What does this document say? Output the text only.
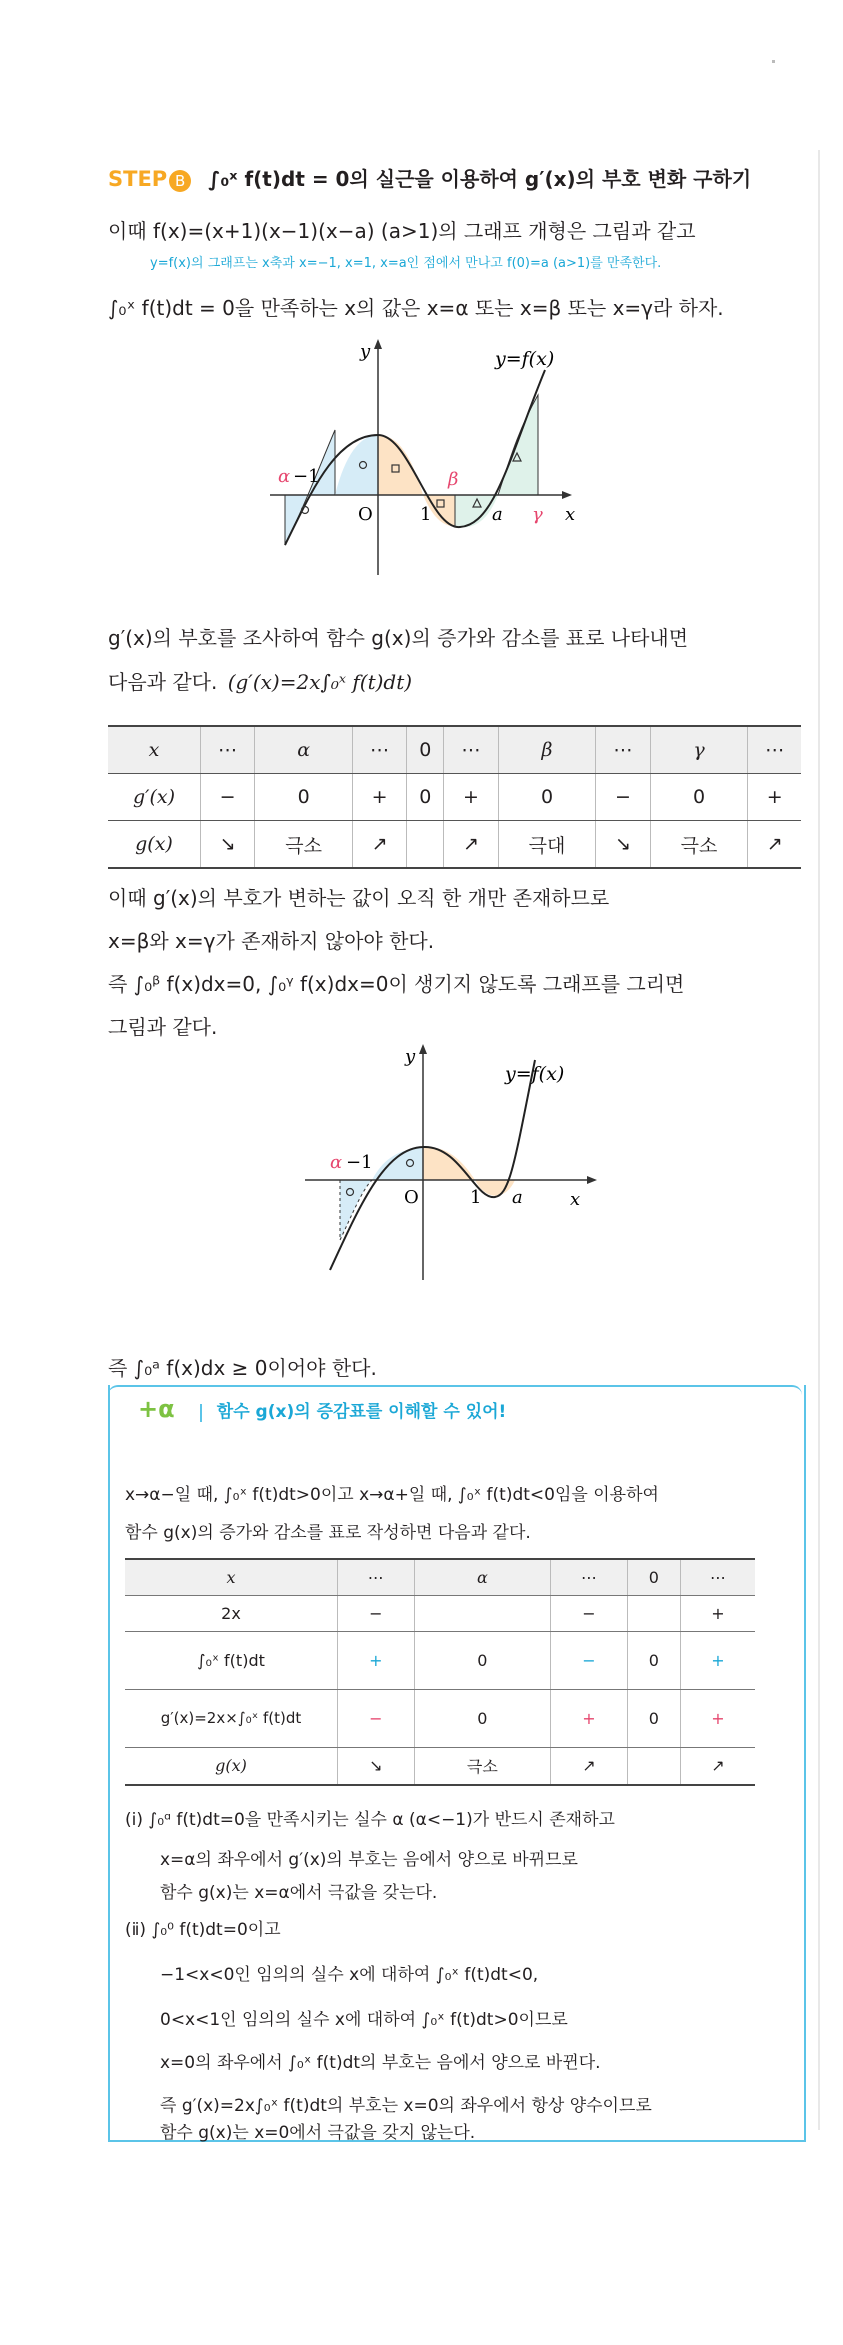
STEP B ∫₀ˣ f(t)dt = 0의 실근을 이용하여 g′(x)의 부호 변화 구하기
이때 f(x)=(x+1)(x−1)(x−a) (a>1)의 그래프 개형은 그림과 같고
y=f(x)의 그래프는 x축과 x=−1, x=1, x=a인 점에서 만나고 f(0)=a (a>1)를 만족한다.
∫₀ˣ f(t)dt = 0을 만족하는 x의 값은 x=α 또는 x=β 또는 x=γ라 하자.
y
x
y=f(x)
O
α −1
1
β
a γ
g′(x)의 부호를 조사하여 함수 g(x)의 증가와 감소를 표로 나타내면
다음과 같다. (g′(x)=2x∫₀ˣ f(t)dt)
x	⋯	α	⋯	0	⋯	β	⋯	γ	⋯
g′(x)	−	0	+	0	+	0	−	0	+
g(x)	↘	극소	↗		↗	극대	↘	극소	↗
이때 g′(x)의 부호가 변하는 값이 오직 한 개만 존재하므로
x=β와 x=γ가 존재하지 않아야 한다.
즉 ∫₀ᵝ f(x)dx=0, ∫₀ᵞ f(x)dx=0이 생기지 않도록 그래프를 그리면
그림과 같다.
y
x
y=f(x)
O
α −1
1 a
즉 ∫₀ᵃ f(x)dx ≥ 0이어야 한다.
+α 함수 g(x)의 증감표를 이해할 수 있어!
x→α−일 때, ∫₀ˣ f(t)dt>0이고 x→α+일 때, ∫₀ˣ f(t)dt<0임을 이용하여
함수 g(x)의 증가와 감소를 표로 작성하면 다음과 같다.
x	⋯	α	⋯	0	⋯
2x	−		−		+
∫₀ˣ f(t)dt	+	0	−	0	+
g′(x)=2x×∫₀ˣ f(t)dt	−	0	+	0	+
g(x)	↘	극소	↗		↗
(ⅰ) ∫₀ᵅ f(t)dt=0을 만족시키는 실수 α (α<−1)가 반드시 존재하고
x=α의 좌우에서 g′(x)의 부호는 음에서 양으로 바뀌므로
함수 g(x)는 x=α에서 극값을 갖는다.
(ⅱ) ∫₀⁰ f(t)dt=0이고
−1<x<0인 임의의 실수 x에 대하여 ∫₀ˣ f(t)dt<0,
0<x<1인 임의의 실수 x에 대하여 ∫₀ˣ f(t)dt>0이므로
x=0의 좌우에서 ∫₀ˣ f(t)dt의 부호는 음에서 양으로 바뀐다.
즉 g′(x)=2x∫₀ˣ f(t)dt의 부호는 x=0의 좌우에서 항상 양수이므로
함수 g(x)는 x=0에서 극값을 갖지 않는다.
